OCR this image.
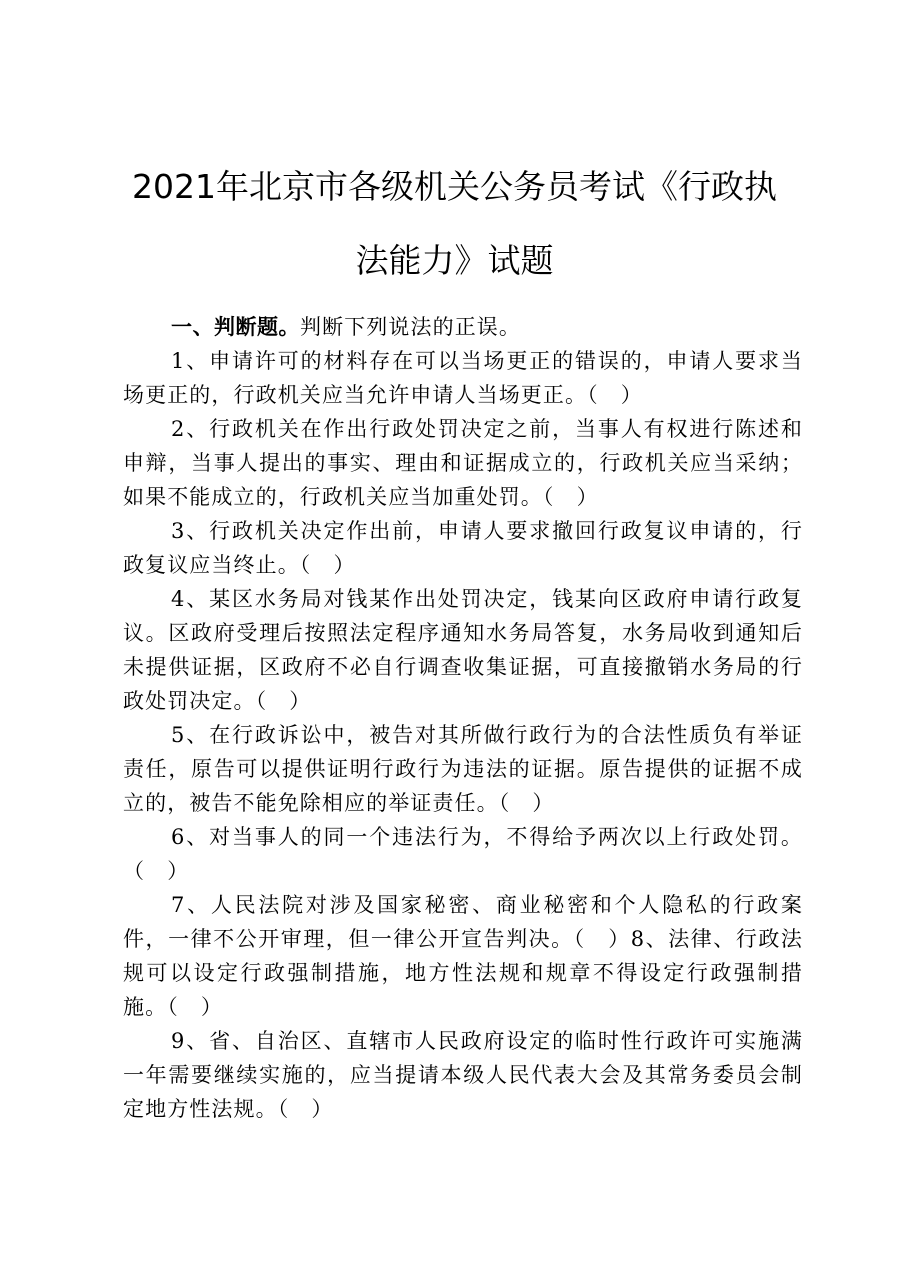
2021年北京市各级机关公务员考试《行政执
法能力》试题

一、判断题。判断下列说法的正误。

1、申请许可的材料存在可以当场更正的错误的，申请人要求当场更正的，行政机关应当允许申请人当场更正。（　）

2、行政机关在作出行政处罚决定之前，当事人有权进行陈述和申辩，当事人提出的事实、理由和证据成立的，行政机关应当采纳；如果不能成立的，行政机关应当加重处罚。（　）

3、行政机关决定作出前，申请人要求撤回行政复议申请的，行政复议应当终止。（　）

4、某区水务局对钱某作出处罚决定，钱某向区政府申请行政复议。区政府受理后按照法定程序通知水务局答复，水务局收到通知后未提供证据，区政府不必自行调查收集证据，可直接撤销水务局的行政处罚决定。（　）

5、在行政诉讼中，被告对其所做行政行为的合法性质负有举证责任，原告可以提供证明行政行为违法的证据。原告提供的证据不成立的，被告不能免除相应的举证责任。（　）

6、对当事人的同一个违法行为，不得给予两次以上行政处罚。（　）

7、人民法院对涉及国家秘密、商业秘密和个人隐私的行政案件，一律不公开审理，但一律公开宣告判决。（　）8、法律、行政法规可以设定行政强制措施，地方性法规和规章不得设定行政强制措施。（　）

9、省、自治区、直辖市人民政府设定的临时性行政许可实施满一年需要继续实施的，应当提请本级人民代表大会及其常务委员会制定地方性法规。（　）
